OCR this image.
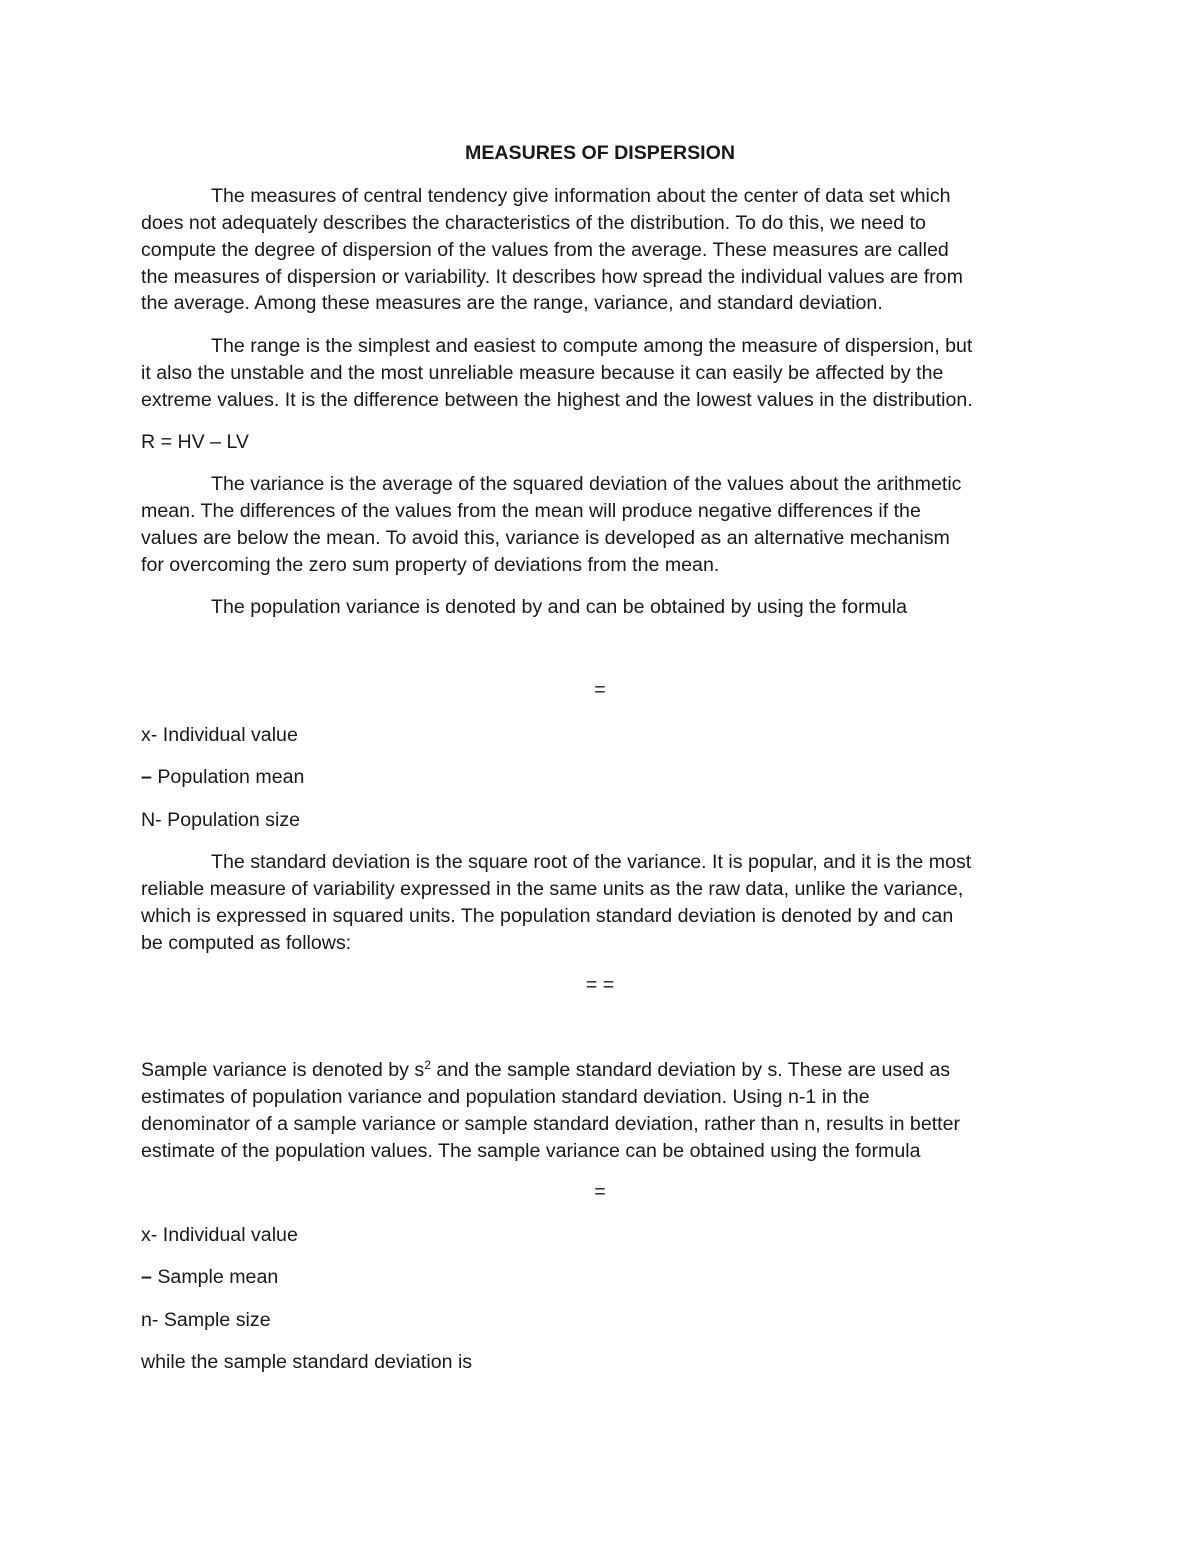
MEASURES OF DISPERSION
The measures of central tendency give information about the center of data set which
does not adequately describes the characteristics of the distribution. To do this, we need to
compute the degree of dispersion of the values from the average. These measures are called
the measures of dispersion or variability. It describes how spread the individual values are from
the average. Among these measures are the range, variance, and standard deviation.
The range is the simplest and easiest to compute among the measure of dispersion, but
it also the unstable and the most unreliable measure because it can easily be affected by the
extreme values. It is the difference between the highest and the lowest values in the distribution.
R = HV – LV
The variance is the average of the squared deviation of the values about the arithmetic
mean. The differences of the values from the mean will produce negative differences if the
values are below the mean. To avoid this, variance is developed as an alternative mechanism
for overcoming the zero sum property of deviations from the mean.
The population variance is denoted by and can be obtained by using the formula
=
x- Individual value
– Population mean
N- Population size
The standard deviation is the square root of the variance. It is popular, and it is the most
reliable measure of variability expressed in the same units as the raw data, unlike the variance,
which is expressed in squared units. The population standard deviation is denoted by and can
be computed as follows:
= =
Sample variance is denoted by $s^2$ and the sample standard deviation by s. These are used as
estimates of population variance and population standard deviation. Using n-1 in the
denominator of a sample variance or sample standard deviation, rather than n, results in better
estimate of the population values. The sample variance can be obtained using the formula
=
x- Individual value
– Sample mean
n- Sample size
while the sample standard deviation is
